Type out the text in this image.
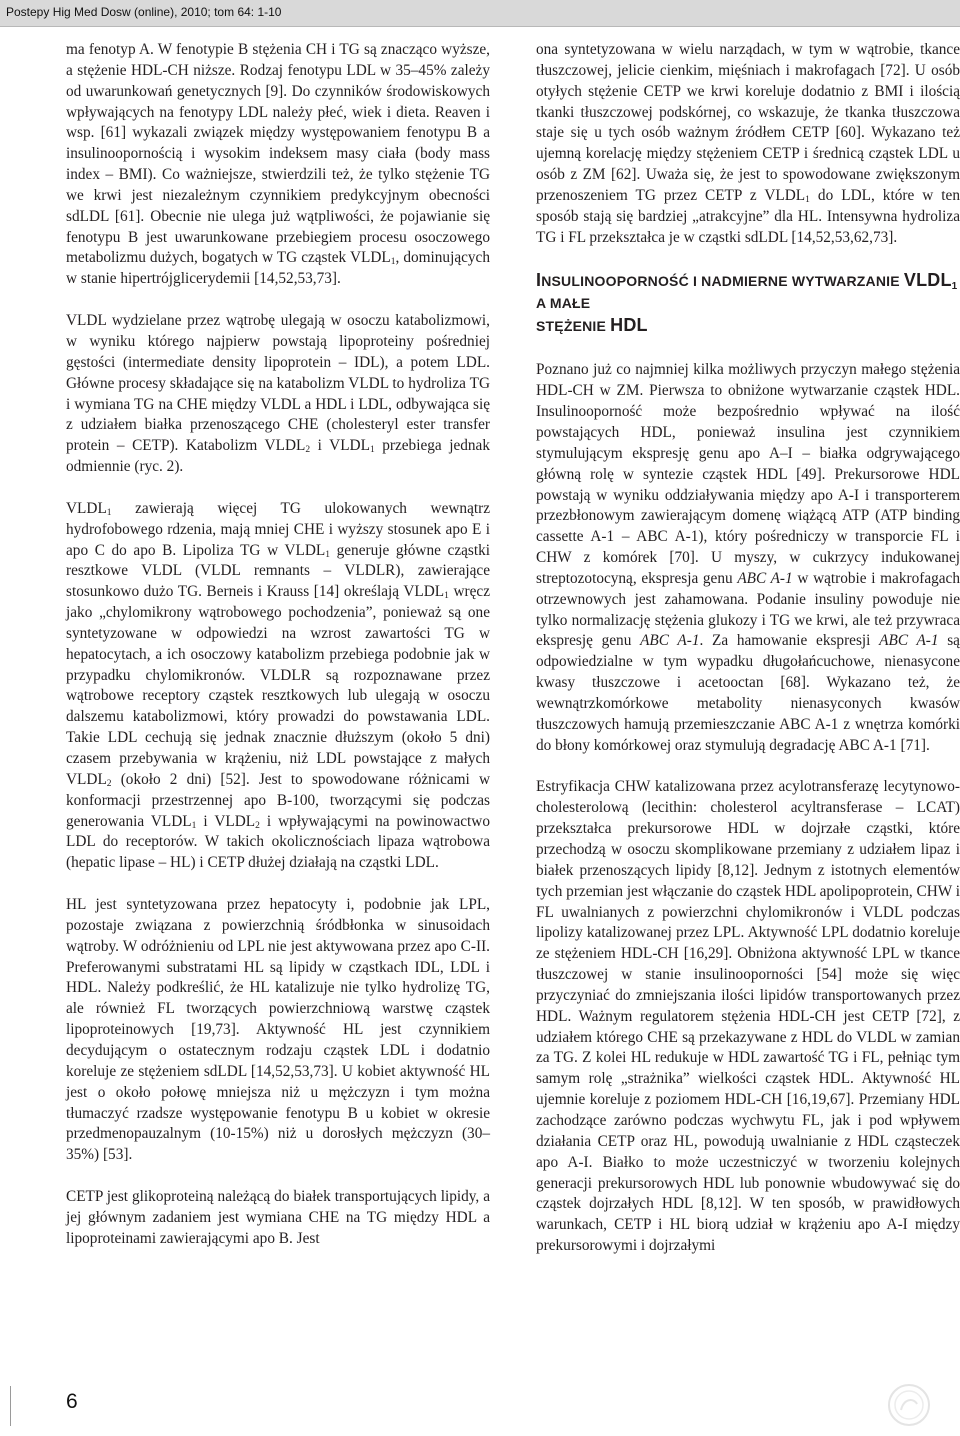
Postepy Hig Med Dosw (online), 2010; tom 64: 1-10

ma fenotyp A. W fenotypie B stężenia CH i TG są znacząco wyższe, a stężenie HDL-CH niższe. Rodzaj fenotypu LDL w 35–45% zależy od uwarunkowań genetycznych [9]. Do czynników środowiskowych wpływających na fenotypy LDL należy płeć, wiek i dieta. Reaven i wsp. [61] wykazali związek między występowaniem fenotypu B a insulinoopornością i wysokim indeksem masy ciała (body mass index – BMI). Co ważniejsze, stwierdzili też, że tylko stężenie TG we krwi jest niezależnym czynnikiem predykcyjnym obecności sdLDL [61]. Obecnie nie ulega już wątpliwości, że pojawianie się fenotypu B jest uwarunkowane przebiegiem procesu osoczowego metabolizmu dużych, bogatych w TG cząstek $VLDL_1$, dominujących w stanie hipertrójglicerydemii [14,52,53,73].

VLDL wydzielane przez wątrobę ulegają w osoczu katabolizmowi, w wyniku którego najpierw powstają lipoproteiny pośredniej gęstości (intermediate density lipoprotein – IDL), a potem LDL. Główne procesy składające się na katabolizm VLDL to hydroliza TG i wymiana TG na CHE między VLDL a HDL i LDL, odbywająca się z udziałem białka przenoszącego CHE (cholesteryl ester transfer protein – CETP). Katabolizm $VLDL_2$ i $VLDL_1$ przebiega jednak odmiennie (ryc. 2).

$VLDL_1$ zawierają więcej TG ulokowanych wewnątrz hydrofobowego rdzenia, mają mniej CHE i wyższy stosunek apo E i apo C do apo B. Lipoliza TG w $VLDL_1$ generuje główne cząstki resztkowe VLDL (VLDL remnants – VLDLR), zawierające stosunkowo dużo TG. Berneis i Krauss [14] określają $VLDL_1$ wręcz jako „chylomikrony wątrobowego pochodzenia”, ponieważ są one syntetyzowane w odpowiedzi na wzrost zawartości TG w hepatocytach, a ich osoczowy katabolizm przebiega podobnie jak w przypadku chylomikronów. VLDLR są rozpoznawane przez wątrobowe receptory cząstek resztkowych lub ulegają w osoczu dalszemu katabolizmowi, który prowadzi do powstawania LDL. Takie LDL cechują się jednak znacznie dłuższym (około 5 dni) czasem przebywania w krążeniu, niż LDL powstające z małych $VLDL_2$ (około 2 dni) [52]. Jest to spowodowane różnicami w konformacji przestrzennej apo B-100, tworzącymi się podczas generowania $VLDL_1$ i $VLDL_2$ i wpływającymi na powinowactwo LDL do receptorów. W takich okolicznościach lipaza wątrobowa (hepatic lipase – HL) i CETP dłużej działają na cząstki LDL.

HL jest syntetyzowana przez hepatocyty i, podobnie jak LPL, pozostaje związana z powierzchnią śródbłonka w sinusoidach wątroby. W odróżnieniu od LPL nie jest aktywowana przez apo C-II. Preferowanymi substratami HL są lipidy w cząstkach IDL, LDL i HDL. Należy podkreślić, że HL katalizuje nie tylko hydrolizę TG, ale również FL tworzących powierzchniową warstwę cząstek lipoproteinowych [19,73]. Aktywność HL jest czynnikiem decydującym o ostatecznym rodzaju cząstek LDL i dodatnio koreluje ze stężeniem sdLDL [14,52,53,73]. U kobiet aktywność HL jest o około połowę mniejsza niż u mężczyzn i tym można tłumaczyć rzadsze występowanie fenotypu B u kobiet w okresie przedmenopauzalnym (10-15%) niż u dorosłych mężczyzn (30–35%) [53].

CETP jest glikoproteiną należącą do białek transportujących lipidy, a jej głównym zadaniem jest wymiana CHE na TG między HDL a lipoproteinami zawierającymi apo B. Jest

ona syntetyzowana w wielu narządach, w tym w wątrobie, tkance tłuszczowej, jelicie cienkim, mięśniach i makrofagach [72]. U osób otyłych stężenie CETP we krwi koreluje dodatnio z BMI i ilością tkanki tłuszczowej podskórnej, co wskazuje, że tkanka tłuszczowa staje się u tych osób ważnym źródłem CETP [60]. Wykazano też ujemną korelację między stężeniem CETP i średnicą cząstek LDL u osób z ZM [62]. Uważa się, że jest to spowodowane zwiększonym przenoszeniem TG przez CETP z $VLDL_1$ do LDL, które w ten sposób stają się bardziej „atrakcyjne” dla HL. Intensywna hydroliza TG i FL przekształca je w cząstki sdLDL [14,52,53,62,73].

INSULINOOPORNOŚĆ I NADMIERNE WYTWARZANIE $VLDL_1$ A MAŁE
STĘŻENIE HDL

Poznano już co najmniej kilka możliwych przyczyn małego stężenia HDL-CH w ZM. Pierwsza to obniżone wytwarzanie cząstek HDL. Insulinooporność może bezpośrednio wpływać na ilość powstających HDL, ponieważ insulina jest czynnikiem stymulującym ekspresję genu apo A–I – białka odgrywającego główną rolę w syntezie cząstek HDL [49]. Prekursorowe HDL powstają w wyniku oddziaływania między apo A-I i transporterem przezbłonowym zawierającym domenę wiążącą ATP (ATP binding cassette A-1 – ABC A-1), który pośredniczy w transporcie FL i CHW z komórek [70]. U myszy, w cukrzycy indukowanej streptozotocyną, ekspresja genu ABC A-1 w wątrobie i makrofagach otrzewnowych jest zahamowana. Podanie insuliny powoduje nie tylko normalizację stężenia glukozy i TG we krwi, ale też przywraca ekspresję genu ABC A-1. Za hamowanie ekspresji ABC A-1 są odpowiedzialne w tym wypadku długołańcuchowe, nienasycone kwasy tłuszczowe i acetooctan [68]. Wykazano też, że wewnątrzkomórkowe metabolity nienasyconych kwasów tłuszczowych hamują przemieszczanie ABC A-1 z wnętrza komórki do błony komórkowej oraz stymulują degradację ABC A-1 [71].

Estryfikacja CHW katalizowana przez acylotransferazę lecytynowo-cholesterolową (lecithin: cholesterol acyltransferase – LCAT) przekształca prekursorowe HDL w dojrzałe cząstki, które przechodzą w osoczu skomplikowane przemiany z udziałem lipaz i białek przenoszących lipidy [8,12]. Jednym z istotnych elementów tych przemian jest włączanie do cząstek HDL apolipoprotein, CHW i FL uwalnianych z powierzchni chylomikronów i VLDL podczas lipolizy katalizowanej przez LPL. Aktywność LPL dodatnio koreluje ze stężeniem HDL-CH [16,29]. Obniżona aktywność LPL w tkance tłuszczowej w stanie insulinooporności [54] może się więc przyczyniać do zmniejszania ilości lipidów transportowanych przez HDL. Ważnym regulatorem stężenia HDL-CH jest CETP [72], z udziałem którego CHE są przekazywane z HDL do VLDL w zamian za TG. Z kolei HL redukuje w HDL zawartość TG i FL, pełniąc tym samym rolę „strażnika” wielkości cząstek HDL. Aktywność HL ujemnie koreluje z poziomem HDL-CH [16,19,67]. Przemiany HDL zachodzące zarówno podczas wychwytu FL, jak i pod wpływem działania CETP oraz HL, powodują uwalnianie z HDL cząsteczek apo A-I. Białko to może uczestniczyć w tworzeniu kolejnych generacji prekursorowych HDL lub ponownie wbudowywać się do cząstek dojrzałych HDL [8,12]. W ten sposób, w prawidłowych warunkach, CETP i HL biorą udział w krążeniu apo A-I między prekursorowymi i dojrzałymi

6
